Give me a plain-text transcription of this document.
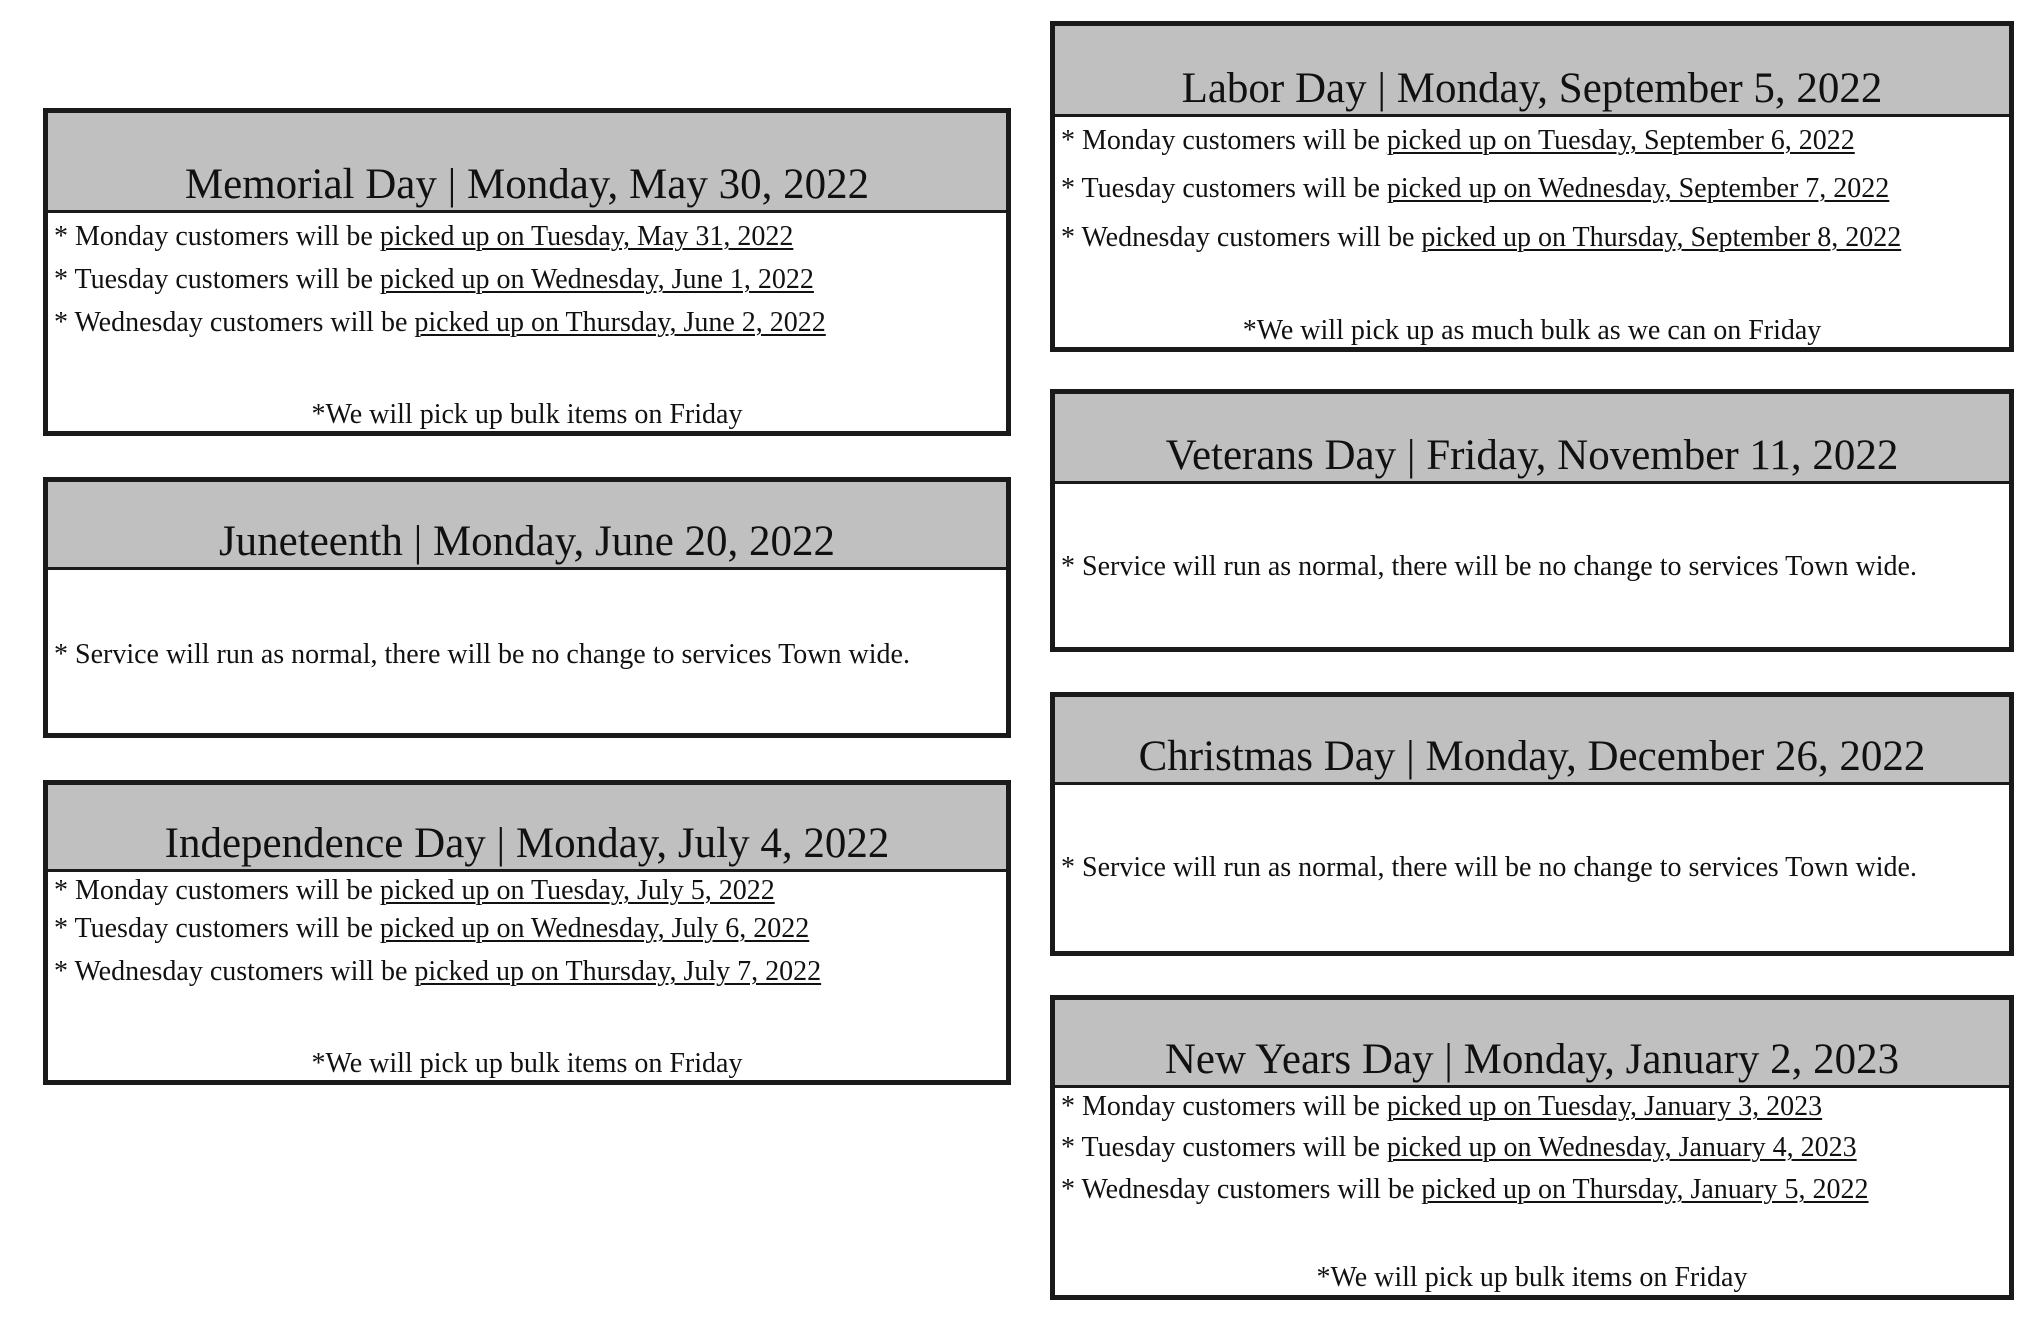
Memorial Day | Monday, May 30, 2022
* Monday customers will be picked up on Tuesday, May 31, 2022
* Tuesday customers will be picked up on Wednesday, June 1, 2022
* Wednesday customers will be picked up on Thursday, June 2, 2022
*We will pick up bulk items on Friday
Juneteenth | Monday, June 20, 2022
* Service will run as normal, there will be no change to services Town wide.
Independence Day | Monday, July 4, 2022
* Monday customers will be picked up on Tuesday, July 5, 2022
* Tuesday customers will be picked up on Wednesday, July 6, 2022
* Wednesday customers will be picked up on Thursday, July 7, 2022
*We will pick up bulk items on Friday
Labor Day | Monday, September 5, 2022
* Monday customers will be picked up on Tuesday, September 6, 2022
* Tuesday customers will be picked up on Wednesday, September 7, 2022
* Wednesday customers will be picked up on Thursday, September 8, 2022
*We will pick up as much bulk as we can on Friday
Veterans Day | Friday, November 11, 2022
* Service will run as normal, there will be no change to services Town wide.
Christmas Day | Monday, December 26, 2022
* Service will run as normal, there will be no change to services Town wide.
New Years Day | Monday, January 2, 2023
* Monday customers will be picked up on Tuesday, January 3, 2023
* Tuesday customers will be picked up on Wednesday, January 4, 2023
* Wednesday customers will be picked up on Thursday, January 5, 2022
*We will pick up bulk items on Friday
